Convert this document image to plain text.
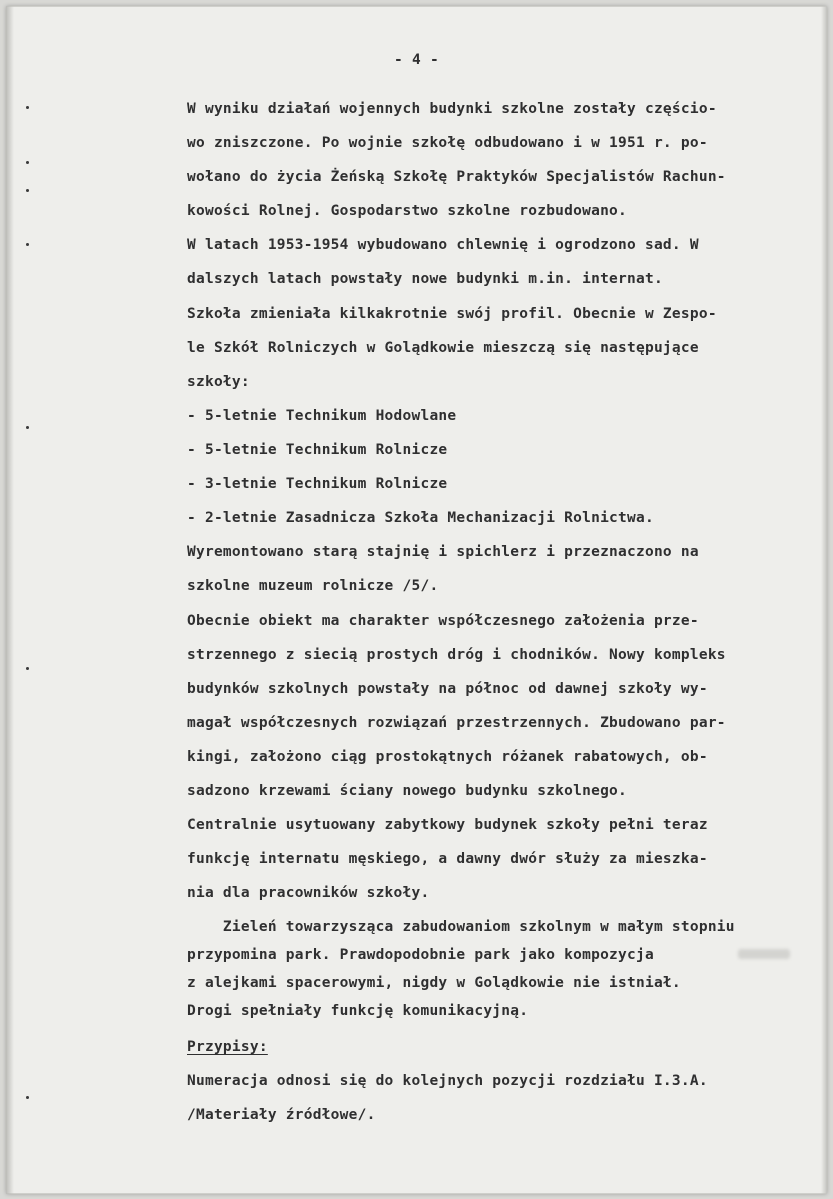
- 4 -
W wyniku działań wojennych budynki szkolne zostały częścio-
wo zniszczone. Po wojnie szkołę odbudowano i w 1951 r. po-
wołano do życia Żeńską Szkołę Praktyków Specjalistów Rachun-
kowości Rolnej. Gospodarstwo szkolne rozbudowano.
W latach 1953-1954 wybudowano chlewnię i ogrodzono sad. W
dalszych latach powstały nowe budynki m.in. internat.
Szkoła zmieniała kilkakrotnie swój profil. Obecnie w Zespo-
le Szkół Rolniczych w Golądkowie mieszczą się następujące
szkoły:
- 5-letnie Technikum Hodowlane
- 5-letnie Technikum Rolnicze
- 3-letnie Technikum Rolnicze
- 2-letnie Zasadnicza Szkoła Mechanizacji Rolnictwa.
Wyremontowano starą stajnię i spichlerz i przeznaczono na
szkolne muzeum rolnicze /5/.
Obecnie obiekt ma charakter współczesnego założenia prze-
strzennego z siecią prostych dróg i chodników. Nowy kompleks
budynków szkolnych powstały na północ od dawnej szkoły wy-
magał współczesnych rozwiązań przestrzennych. Zbudowano par-
kingi, założono ciąg prostokątnych różanek rabatowych, ob-
sadzono krzewami ściany nowego budynku szkolnego.
Centralnie usytuowany zabytkowy budynek szkoły pełni teraz
funkcję internatu męskiego, a dawny dwór służy za mieszka-
nia dla pracowników szkoły.
Zieleń towarzysząca zabudowaniom szkolnym w małym stopniu
przypomina park. Prawdopodobnie park jako kompozycja
z alejkami spacerowymi, nigdy w Golądkowie nie istniał.
Drogi spełniały funkcję komunikacyjną.
Przypisy:
Numeracja odnosi się do kolejnych pozycji rozdziału I.3.A.
/Materiały źródłowe/.
